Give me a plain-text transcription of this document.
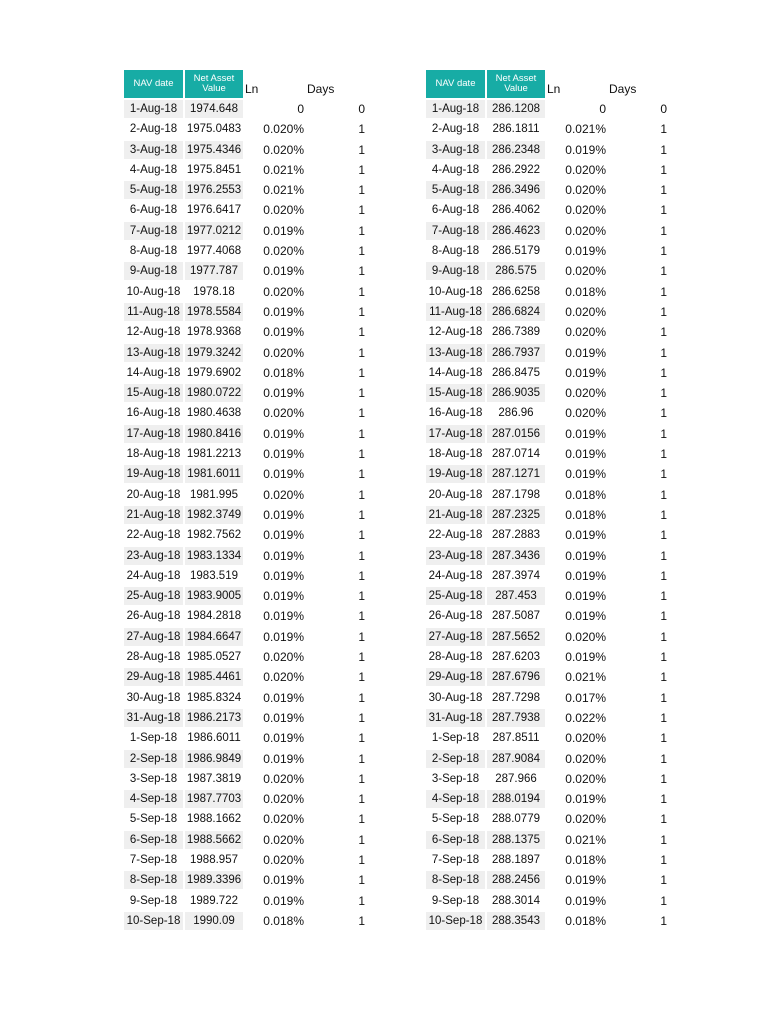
NAV date	Net Asset Value	Ln	Days
1-Aug-18	1974.648	0	0
2-Aug-18 1975.0483	0.020%	1
3-Aug-18 1975.4346	0.020%	1
4-Aug-18 1975.8451	0.021%	1
5-Aug-18 1976.2553	0.021%	1
6-Aug-18 1976.6417	0.020%	1
7-Aug-18 1977.0212	0.019%	1
8-Aug-18 1977.4068	0.020%	1
9-Aug-18	1977.787	0.019%	1
10-Aug-18	1978.18	0.020%	1
11-Aug-18 1978.5584	0.019%	1
12-Aug-18 1978.9368	0.019%	1
13-Aug-18 1979.3242	0.020%	1
14-Aug-18 1979.6902	0.018%	1
15-Aug-18 1980.0722	0.019%	1
16-Aug-18 1980.4638	0.020%	1
17-Aug-18 1980.8416	0.019%	1
18-Aug-18 1981.2213	0.019%	1
19-Aug-18 1981.6011	0.019%	1
20-Aug-18 1981.995	0.020%	1
21-Aug-18 1982.3749	0.019%	1
22-Aug-18 1982.7562	0.019%	1
23-Aug-18 1983.1334	0.019%	1
24-Aug-18 1983.519	0.019%	1
25-Aug-18 1983.9005	0.019%	1
26-Aug-18 1984.2818	0.019%	1
27-Aug-18 1984.6647	0.019%	1
28-Aug-18 1985.0527	0.020%	1
29-Aug-18 1985.4461	0.020%	1
30-Aug-18 1985.8324	0.019%	1
31-Aug-18 1986.2173	0.019%	1
1-Sep-18 1986.6011	0.019%	1
2-Sep-18 1986.9849	0.019%	1
3-Sep-18 1987.3819	0.020%	1
4-Sep-18 1987.7703	0.020%	1
5-Sep-18 1988.1662	0.020%	1
6-Sep-18 1988.5662	0.020%	1
7-Sep-18	1988.957	0.020%	1
8-Sep-18 1989.3396	0.019%	1
9-Sep-18	1989.722	0.019%	1
10-Sep-18	1990.09	0.018%	1
NAV date	Net Asset Value	Ln	Days
1-Aug-18	286.1208	0	0
2-Aug-18	286.1811	0.021%	1
3-Aug-18	286.2348	0.019%	1
4-Aug-18	286.2922	0.020%	1
5-Aug-18	286.3496	0.020%	1
6-Aug-18	286.4062	0.020%	1
7-Aug-18	286.4623	0.020%	1
8-Aug-18	286.5179	0.019%	1
9-Aug-18	286.575	0.020%	1
10-Aug-18 286.6258	0.018%	1
11-Aug-18 286.6824	0.020%	1
12-Aug-18 286.7389	0.020%	1
13-Aug-18 286.7937	0.019%	1
14-Aug-18 286.8475	0.019%	1
15-Aug-18 286.9035	0.020%	1
16-Aug-18	286.96	0.020%	1
17-Aug-18 287.0156	0.019%	1
18-Aug-18 287.0714	0.019%	1
19-Aug-18 287.1271	0.019%	1
20-Aug-18 287.1798	0.018%	1
21-Aug-18 287.2325	0.018%	1
22-Aug-18 287.2883	0.019%	1
23-Aug-18 287.3436	0.019%	1
24-Aug-18 287.3974	0.019%	1
25-Aug-18	287.453	0.019%	1
26-Aug-18 287.5087	0.019%	1
27-Aug-18 287.5652	0.020%	1
28-Aug-18 287.6203	0.019%	1
29-Aug-18 287.6796	0.021%	1
30-Aug-18 287.7298	0.017%	1
31-Aug-18 287.7938	0.022%	1
1-Sep-18	287.8511	0.020%	1
2-Sep-18	287.9084	0.020%	1
3-Sep-18	287.966	0.020%	1
4-Sep-18	288.0194	0.019%	1
5-Sep-18	288.0779	0.020%	1
6-Sep-18	288.1375	0.021%	1
7-Sep-18	288.1897	0.018%	1
8-Sep-18	288.2456	0.019%	1
9-Sep-18	288.3014	0.019%	1
10-Sep-18 288.3543	0.018%	1
